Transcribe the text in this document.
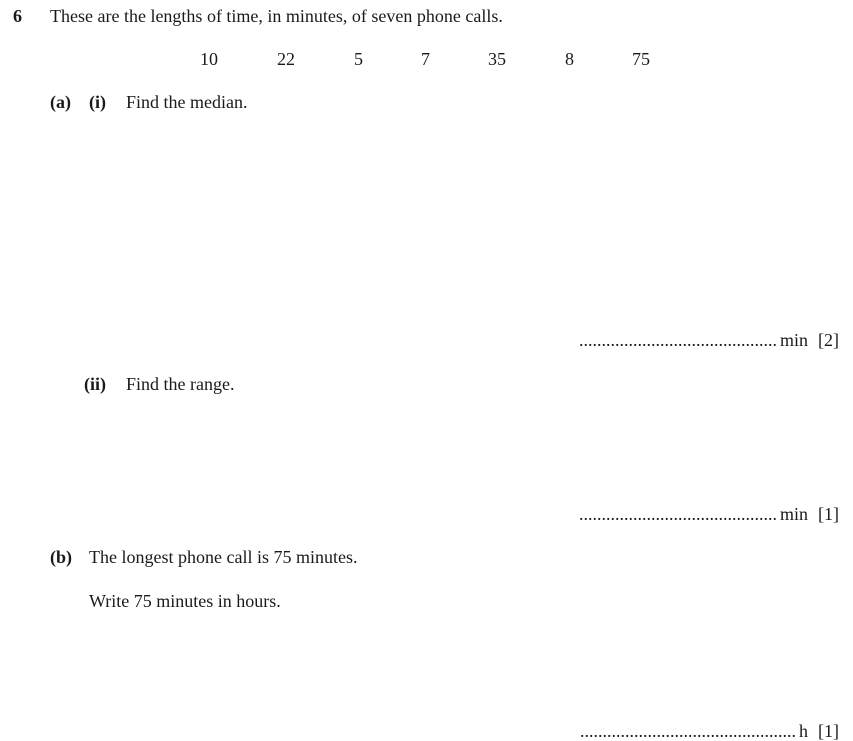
6 These are the lengths of time, in minutes, of seven phone calls.
10	22	5	7	35	8	75
(a) (i) Find the median.
............................................ min [2]
(ii) Find the range.
............................................ min [1]
(b) The longest phone call is 75 minutes.
Write 75 minutes in hours.
................................................ h [1]
